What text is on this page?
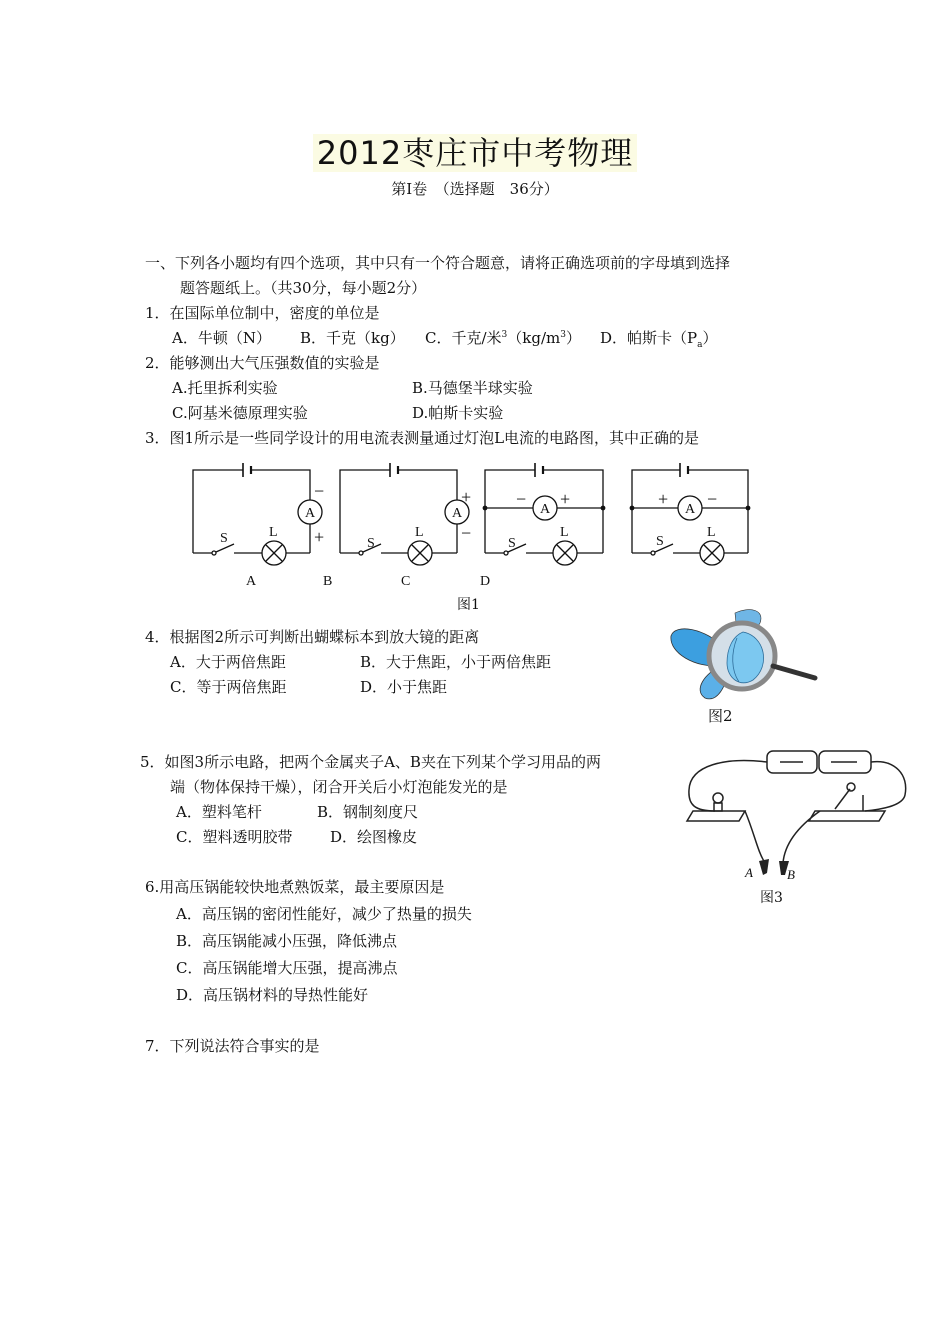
2012枣庄市中考物理
第Ⅰ卷　（选择题　36分）
一、下列各小题均有四个选项，其中只有一个符合题意，请将正确选项前的字母填到选择
题答题纸上。（共30分，每小题2分）
1．在国际单位制中，密度的单位是
A．牛顿（N） B．千克（kg） C．千克/米$^3(kg/m^3)$ D．帕斯卡$(P_a)$
2．能够测出大气压强数值的实验是
A.托里拆利实验	B.马德堡半球实验
C.阿基米德原理实验	D.帕斯卡实验
3．图1所示是一些同学设计的用电流表测量通过灯泡L电流的电路图，其中正确的是
A	A	A	A
−
+
+
−
− +	+ −
S	L
S
L
S
L
S
L
A	B	C	D
图1
4．根据图2所示可判断出蝴蝶标本到放大镜的距离
A．大于两倍焦距	B．大于焦距，小于两倍焦距
C．等于两倍焦距	D．小于焦距
图2
5．如图3所示电路，把两个金属夹子A、B夹在下列某个学习用品的两
端（物体保持干燥），闭合开关后小灯泡能发光的是
A．塑料笔杆	B．钢制刻度尺
C．塑料透明胶带	D．绘图橡皮
A	B
图3
6.用高压锅能较快地煮熟饭菜，最主要原因是
A．高压锅的密闭性能好，减少了热量的损失
B．高压锅能减小压强，降低沸点
C．高压锅能增大压强，提高沸点
D．高压锅材料的导热性能好
7．下列说法符合事实的是
